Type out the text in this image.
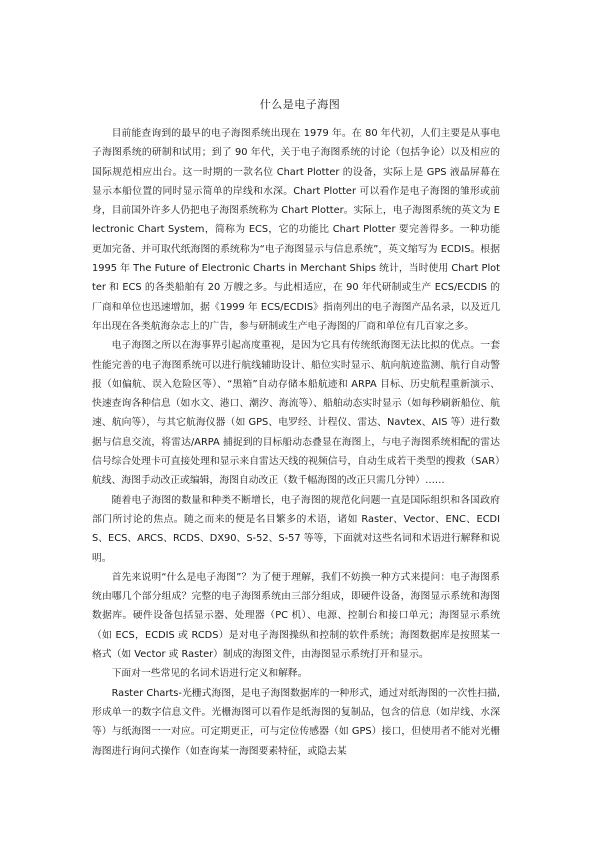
什么是电子海图

目前能查询到的最早的电子海图系统出现在 1979 年。在 80 年代初，人们主要是从事电子海图系统的研制和试用；到了 90 年代，关于电子海图系统的讨论（包括争论）以及相应的国际规范相应出台。这一时期的一款名位 Chart Plotter 的设备，实际上是 GPS 液晶屏幕在显示本船位置的同时显示简单的岸线和水深。Chart Plotter 可以看作是电子海图的雏形或前身，目前国外许多人仍把电子海图系统称为 Chart Plotter。实际上，电子海图系统的英文为 Electronic Chart System，简称为 ECS，它的功能比 Chart Plotter 要完善得多。一种功能更加完备、并可取代纸海图的系统称为“电子海图显示与信息系统”，英文缩写为 ECDIS。根据 1995 年 The Future of Electronic Charts in Merchant Ships 统计，当时使用 Chart Plotter 和 ECS 的各类船舶有 20 万艘之多。与此相适应，在 90 年代研制或生产 ECS/ECDIS 的厂商和单位也迅速增加，据《1999 年 ECS/ECDIS》指南列出的电子海图产品名录，以及近几年出现在各类航海杂志上的广告，参与研制或生产电子海图的厂商和单位有几百家之多。

电子海图之所以在海事界引起高度重视，是因为它具有传统纸海图无法比拟的优点。一套性能完善的电子海图系统可以进行航线辅助设计、船位实时显示、航向航迹监测、航行自动警报（如偏航、误入危险区等）、“黑箱”自动存储本船航迹和 ARPA 目标、历史航程重新演示、快速查询各种信息（如水文、港口、潮汐、海流等）、船舶动态实时显示（如每秒刷新船位、航速、航向等），与其它航海仪器（如 GPS、电罗经、计程仪、雷达、Navtex、AIS 等）进行数据与信息交流，将雷达/ARPA 捕捉到的目标船动态叠显在海图上，与电子海图系统相配的雷达信号综合处理卡可直接处理和显示来自雷达天线的视频信号，自动生成若干类型的搜救（SAR）航线、海图手动改正或编辑，海图自动改正（数千幅海图的改正只需几分钟）……

随着电子海图的数量和种类不断增长，电子海图的规范化问题一直是国际组织和各国政府部门所讨论的焦点。随之而来的便是名目繁多的术语，诸如 Raster、Vector、ENC、ECDIS、ECS、ARCS、RCDS、DX90、S-52、S-57 等等，下面就对这些名词和术语进行解释和说明。

首先来说明“什么是电子海图”？为了便于理解，我们不妨换一种方式来提问：电子海图系统由哪几个部分组成？完整的电子海图系统由三部分组成，即硬件设备，海图显示系统和海图数据库。硬件设备包括显示器、处理器（PC 机）、电源、控制台和接口单元；海图显示系统（如 ECS，ECDIS 或 RCDS）是对电子海图操纵和控制的软件系统；海图数据库是按照某一格式（如 Vector 或 Raster）制成的海图文件，由海图显示系统打开和显示。

下面对一些常见的名词术语进行定义和解释。

Raster Charts-光栅式海图，是电子海图数据库的一种形式，通过对纸海图的一次性扫描,形成单一的数字信息文件。光栅海图可以看作是纸海图的复制品，包含的信息（如岸线、水深等）与纸海图一一对应。可定期更正，可与定位传感器（如 GPS）接口，但使用者不能对光栅海图进行询问式操作（如查询某一海图要素特征，或隐去某
